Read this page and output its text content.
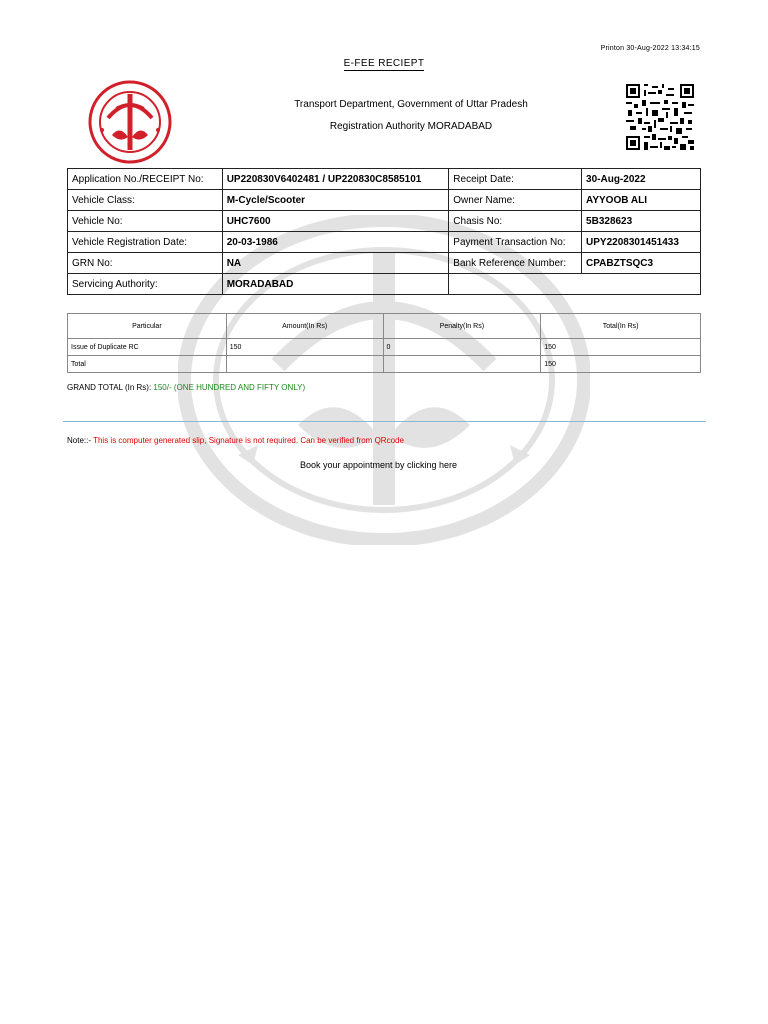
Printon 30-Aug-2022 13:34:15
E-FEE RECIEPT
Transport Department, Government of Uttar Pradesh
Registration Authority MORADABAD
Application No./RECEIPT No:	UP220830V6402481 / UP220830C8585101	Receipt Date:	30-Aug-2022
Vehicle Class:	M-Cycle/Scooter	Owner Name:	AYYOOB ALI
Vehicle No:	UHC7600	Chasis No:	5B328623
Vehicle Registration Date:	20-03-1986	Payment Transaction No:	UPY2208301451433
GRN No:	NA	Bank Reference Number:	CPABZTSQC3
Servicing Authority:	MORADABAD		
Particular	Amount(In Rs)	Penalty(In Rs)	Total(In Rs)
Issue of Duplicate RC	150	0	150
Total			150
GRAND TOTAL (In Rs): 150/- (ONE HUNDRED AND FIFTY ONLY)
Note::- This is computer generated slip, Signature is not required. Can be verified from QRcode
Book your appointment by clicking here
